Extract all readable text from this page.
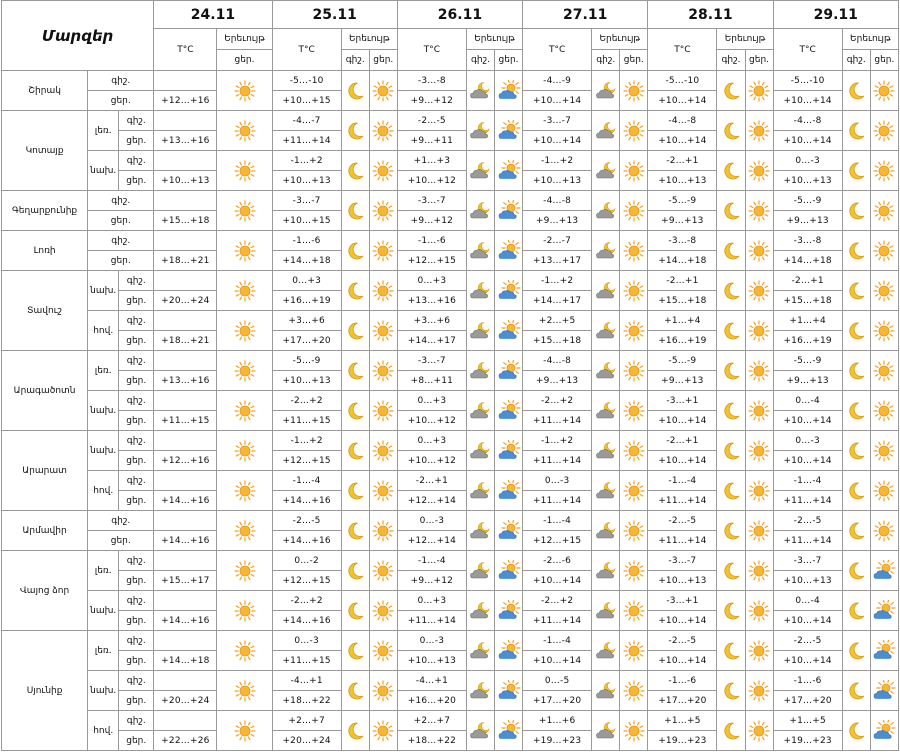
Մարզեր			24.11		25.11			26.11			27.11			28.11			29.11		
			T°C	Երեւույթ	T°C	Երեւույթ		T°C	Երեւույթ		T°C	Երեւույթ		T°C	Երեւույթ		T°C	Երեւույթ	
				ցեր.		գիշ.	ցեր.		գիշ.	ցեր.		գիշ.	ցեր.		գիշ.	ցեր.		գիշ.	ցեր.
Շիրակ	գիշ.				-5…-10			-3…-8			-4…-9			-5…-10			-5…-10	

	ցեր.		+12…+16		+10…+15			+9…+12			+10…+14			+10…+14			+10…+14		
Կոտայք	լեռ.	գիշ.			-4…-7			-2…-5			-3…-7			-4…-8			-4…-8	

		ցեր.	+13…+16		+11…+14			+9…+11			+10…+14			+10…+14			+10…+14		
	նախ.	գիշ.			-1…+2			+1…+3			-1…+2			-2…+1			0…-3	

		ցեր.	+10…+13		+10…+13			+10…+12			+10…+13			+10…+13			+10…+13		
Գեղարքունիք	գիշ.				-3…-7			-3…-7			-4…-8			-5…-9			-5…-9	

	ցեր.		+15…+18		+10…+15			+9…+12			+9…+13			+9…+13			+9…+13		
Լոռի	գիշ.				-1…-6			-1…-6			-2…-7			-3…-8			-3…-8	

	ցեր.		+18…+21		+14…+18			+12…+15			+13…+17			+14…+18			+14…+18		
Տավուշ	նախ.	գիշ.			0…+3			0…+3			-1…+2			-2…+1			-2…+1	

		ցեր.	+20…+24		+16…+19			+13…+16			+14…+17			+15…+18			+15…+18		
	հով.	գիշ.			+3…+6			+3…+6			+2…+5			+1…+4			+1…+4	

		ցեր.	+18…+21		+17…+20			+14…+17			+15…+18			+16…+19			+16…+19		
Արագածոտն	լեռ.	գիշ.			-5…-9			-3…-7			-4…-8			-5…-9			-5…-9	

		ցեր.	+13…+16		+10…+13			+8…+11			+9…+13			+9…+13			+9…+13		
	նախ.	գիշ.			-2…+2			0…+3			-2…+2			-3…+1			0…-4	

		ցեր.	+11…+15		+11…+15			+10…+12			+11…+14			+10…+14			+10…+14		
Արարատ	նախ.	գիշ.			-1…+2			0…+3			-1…+2			-2…+1			0…-3	

		ցեր.	+12…+16		+12…+15			+10…+12			+11…+14			+10…+14			+10…+14		
	հով.	գիշ.			-1…-4			-2…+1			0…-3			-1…-4			-1…-4	

		ցեր.	+14…+16		+14…+16			+12…+14			+11…+14			+11…+14			+11…+14		
Արմավիր	գիշ.				-2…-5			0…-3			-1…-4			-2…-5			-2…-5	

	ցեր.		+14…+16		+14…+16			+12…+14			+12…+15			+11…+14			+11…+14		
Վայոց ձոր	լեռ.	գիշ.			0…-2			-1…-4			-2…-6			-3…-7			-3…-7	

		ցեր.	+15…+17		+12…+15			+9…+12			+10…+14			+10…+13			+10…+13		
	նախ.	գիշ.			-2…+2			0…+3			-2…+2			-3…+1			0…-4	

		ցեր.	+14…+16		+14…+16			+11…+14			+11…+14			+10…+14			+10…+14		
Սյունիք	լեռ.	գիշ.			0…-3			0…-3			-1…-4			-2…-5			-2…-5	

		ցեր.	+14…+18		+11…+15			+10…+13			+10…+14			+10…+14			+10…+14		
	նախ.	գիշ.			-4…+1			-4…+1			0…-5			-1…-6			-1…-6	

		ցեր.	+20…+24		+18…+22			+16…+20			+17…+20			+17…+20			+17…+20		
	հով.	գիշ.			+2…+7			+2…+7			+1…+6			+1…+5			+1…+5	

		ցեր.	+22…+26		+20…+24			+18…+22			+19…+23			+19…+23			+19…+23		
